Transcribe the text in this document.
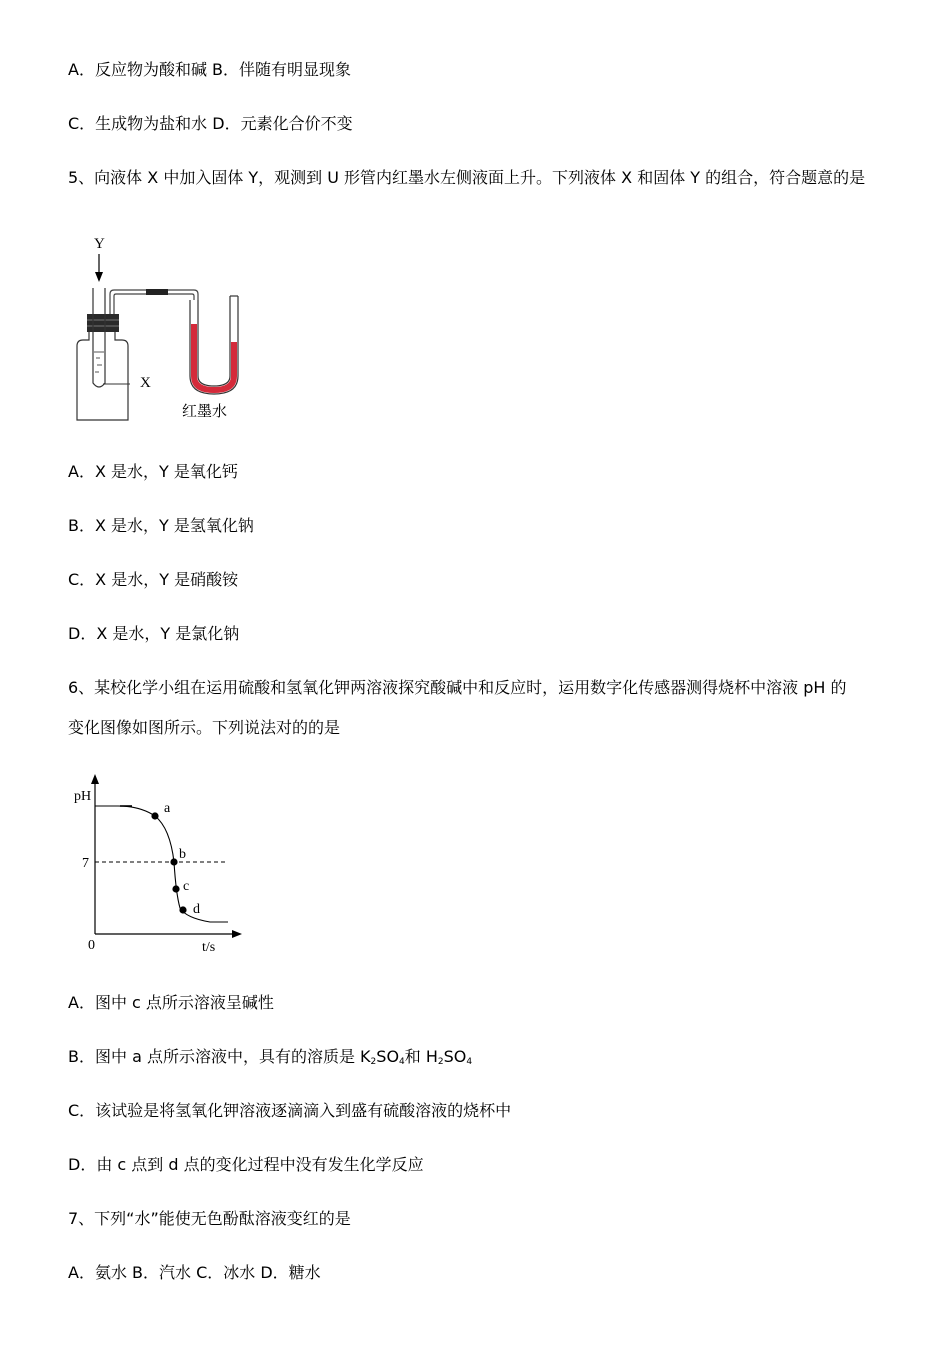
A．反应物为酸和碱 B．伴随有明显现象
C．生成物为盐和水 D．元素化合价不变
5、向液体 X 中加入固体 Y，观测到 U 形管内红墨水左侧液面上升。下列液体 X 和固体 Y 的组合，符合题意的是
Y
X
红墨水
A．X 是水，Y 是氧化钙
B．X 是水，Y 是氢氧化钠
C．X 是水，Y 是硝酸铵
D．X 是水，Y 是氯化钠
6、某校化学小组在运用硫酸和氢氧化钾两溶液探究酸碱中和反应时，运用数字化传感器测得烧杯中溶液 pH 的
变化图像如图所示。下列说法对的的是
pH
t/s
0
7
a
b
c
d
A．图中 c 点所示溶液呈碱性
B．图中 a 点所示溶液中，具有的溶质是 $K_2SO_4$和 $H_2SO_4$
C．该试验是将氢氧化钾溶液逐滴滴入到盛有硫酸溶液的烧杯中
D．由 c 点到 d 点的变化过程中没有发生化学反应
7、下列“水”能使无色酚酞溶液变红的是
A．氨水 B．汽水 C．冰水 D．糖水
